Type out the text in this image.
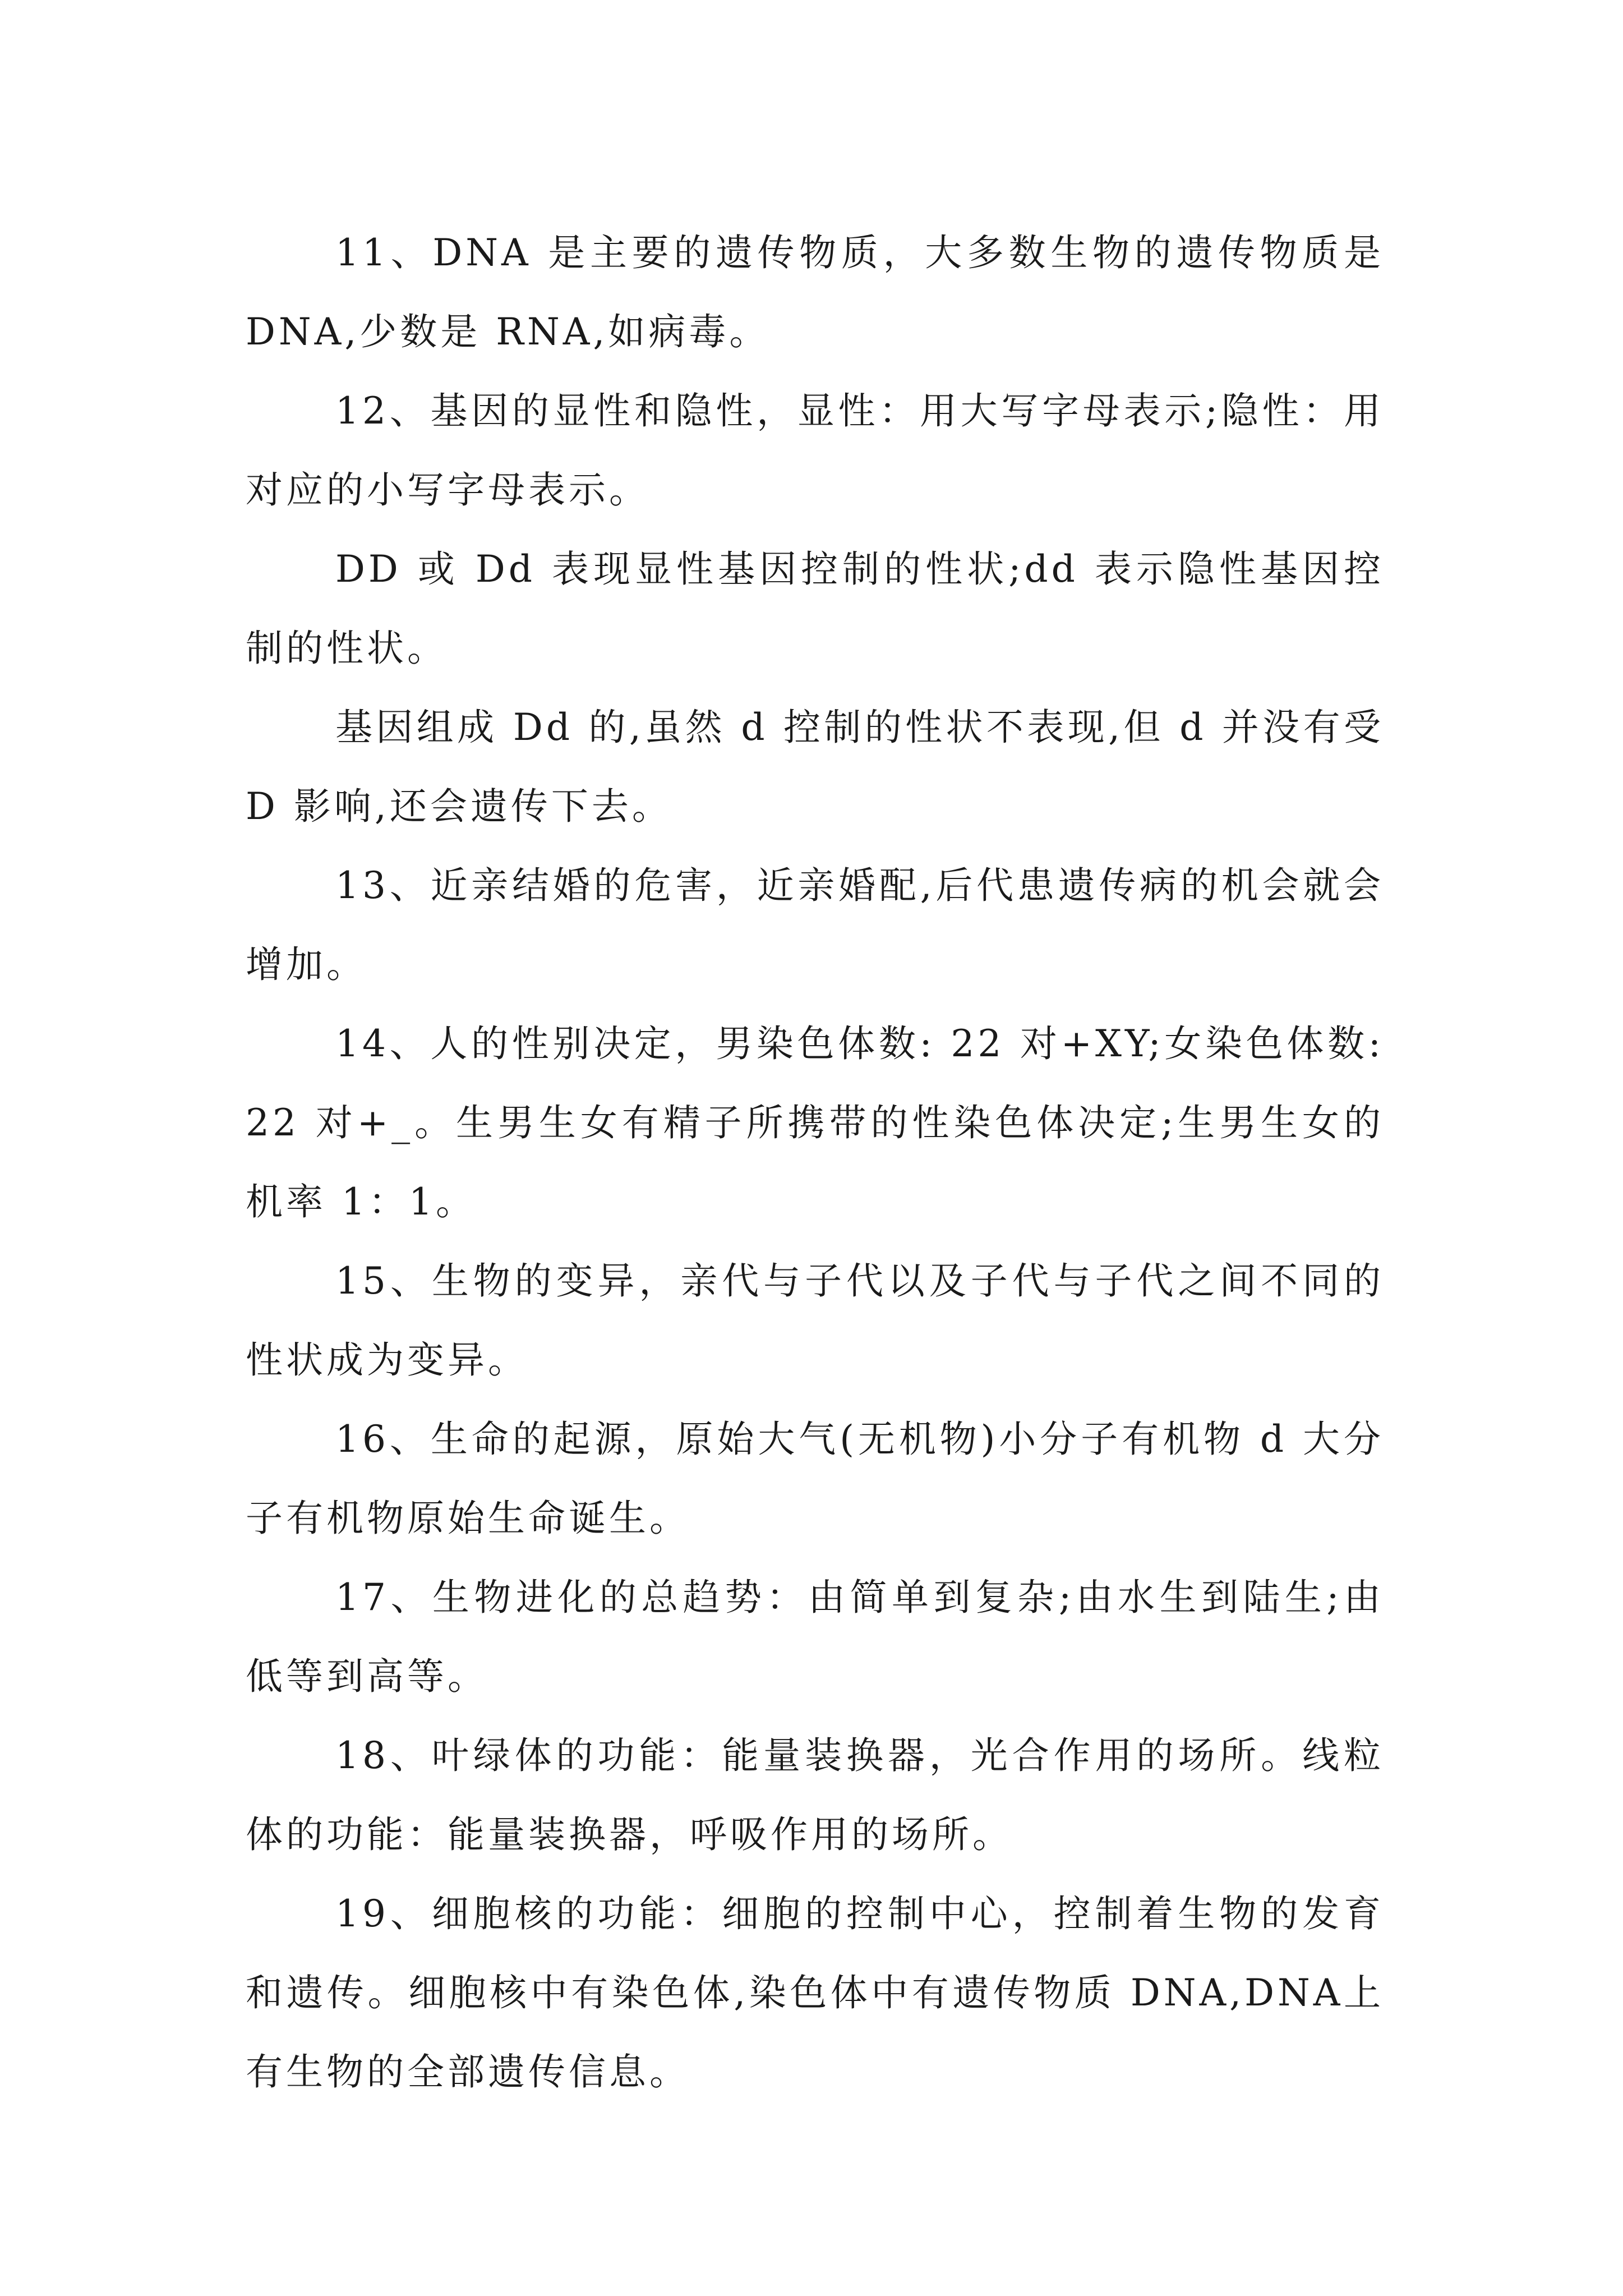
11、DNA 是主要的遗传物质，大多数生物的遗传物质是DNA,少数是 RNA,如病毒。

12、基因的显性和隐性，显性：用大写字母表示;隐性：用对应的小写字母表示。

DD 或 Dd 表现显性基因控制的性状;dd 表示隐性基因控制的性状。

基因组成 Dd 的,虽然 d 控制的性状不表现,但 d 并没有受 D 影响,还会遗传下去。

13、近亲结婚的危害，近亲婚配,后代患遗传病的机会就会增加。

14、人的性别决定，男染色体数: 22 对+XY;女染色体数: 22 对+_。生男生女有精子所携带的性染色体决定;生男生女的机率 1：1。

15、生物的变异，亲代与子代以及子代与子代之间不同的性状成为变异。

16、生命的起源，原始大气(无机物)小分子有机物 d 大分子有机物原始生命诞生。

17、生物进化的总趋势：由简单到复杂;由水生到陆生;由低等到高等。

18、叶绿体的功能：能量装换器，光合作用的场所。线粒体的功能：能量装换器，呼吸作用的场所。

19、细胞核的功能：细胞的控制中心，控制着生物的发育和遗传。细胞核中有染色体,染色体中有遗传物质 DNA,DNA上有生物的全部遗传信息。
